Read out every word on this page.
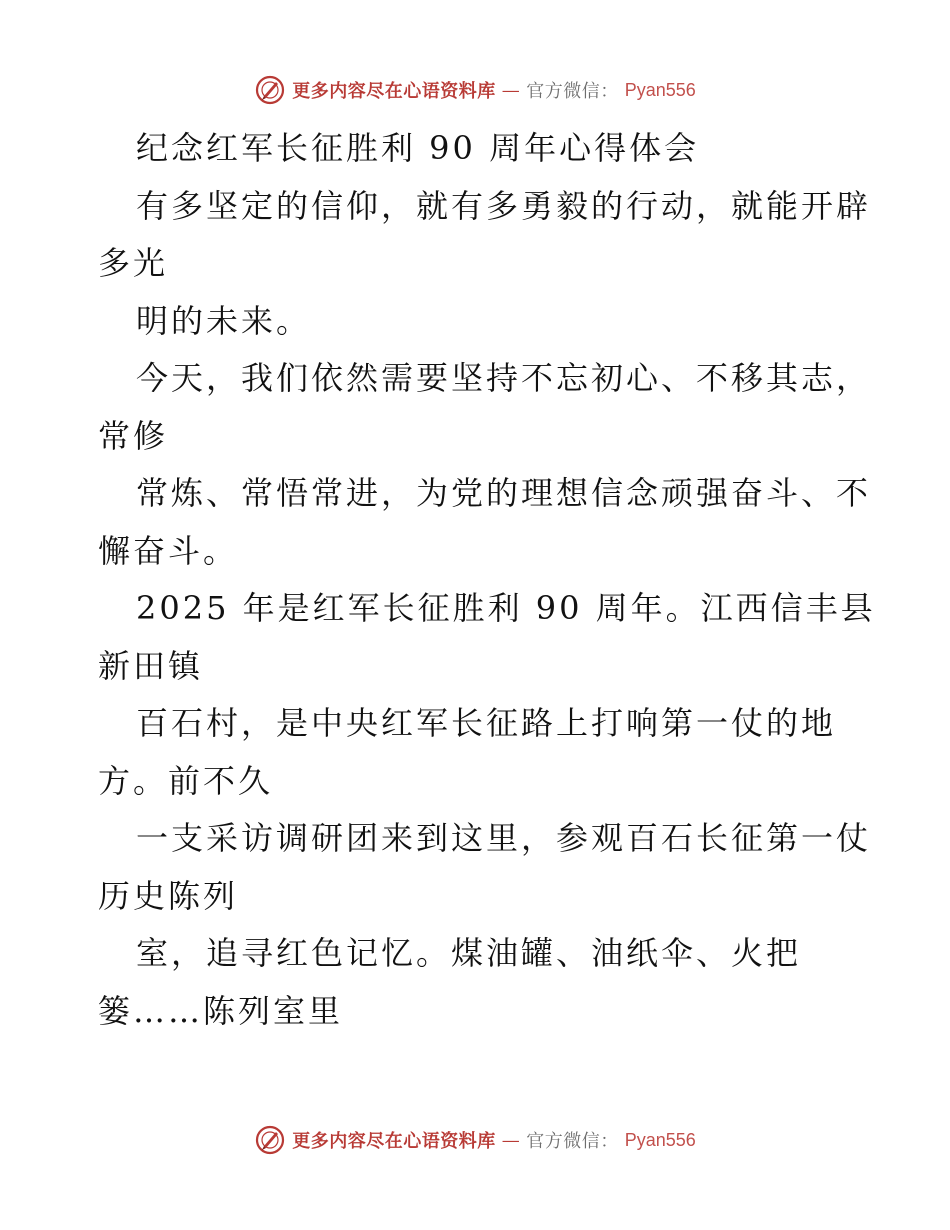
更多内容尽在心语资料库 — 官方微信： Pyan556
纪念红军长征胜利 90 周年心得体会
有多坚定的信仰，就有多勇毅的行动，就能开辟
多光
明的未来。
今天，我们依然需要坚持不忘初心、不移其志，
常修
常炼、常悟常进，为党的理想信念顽强奋斗、不
懈奋斗。
2025 年是红军长征胜利 90 周年。江西信丰县
新田镇
百石村，是中央红军长征路上打响第一仗的地
方。前不久
一支采访调研团来到这里，参观百石长征第一仗
历史陈列
室，追寻红色记忆。煤油罐、油纸伞、火把
篓……陈列室里
更多内容尽在心语资料库 — 官方微信： Pyan556
